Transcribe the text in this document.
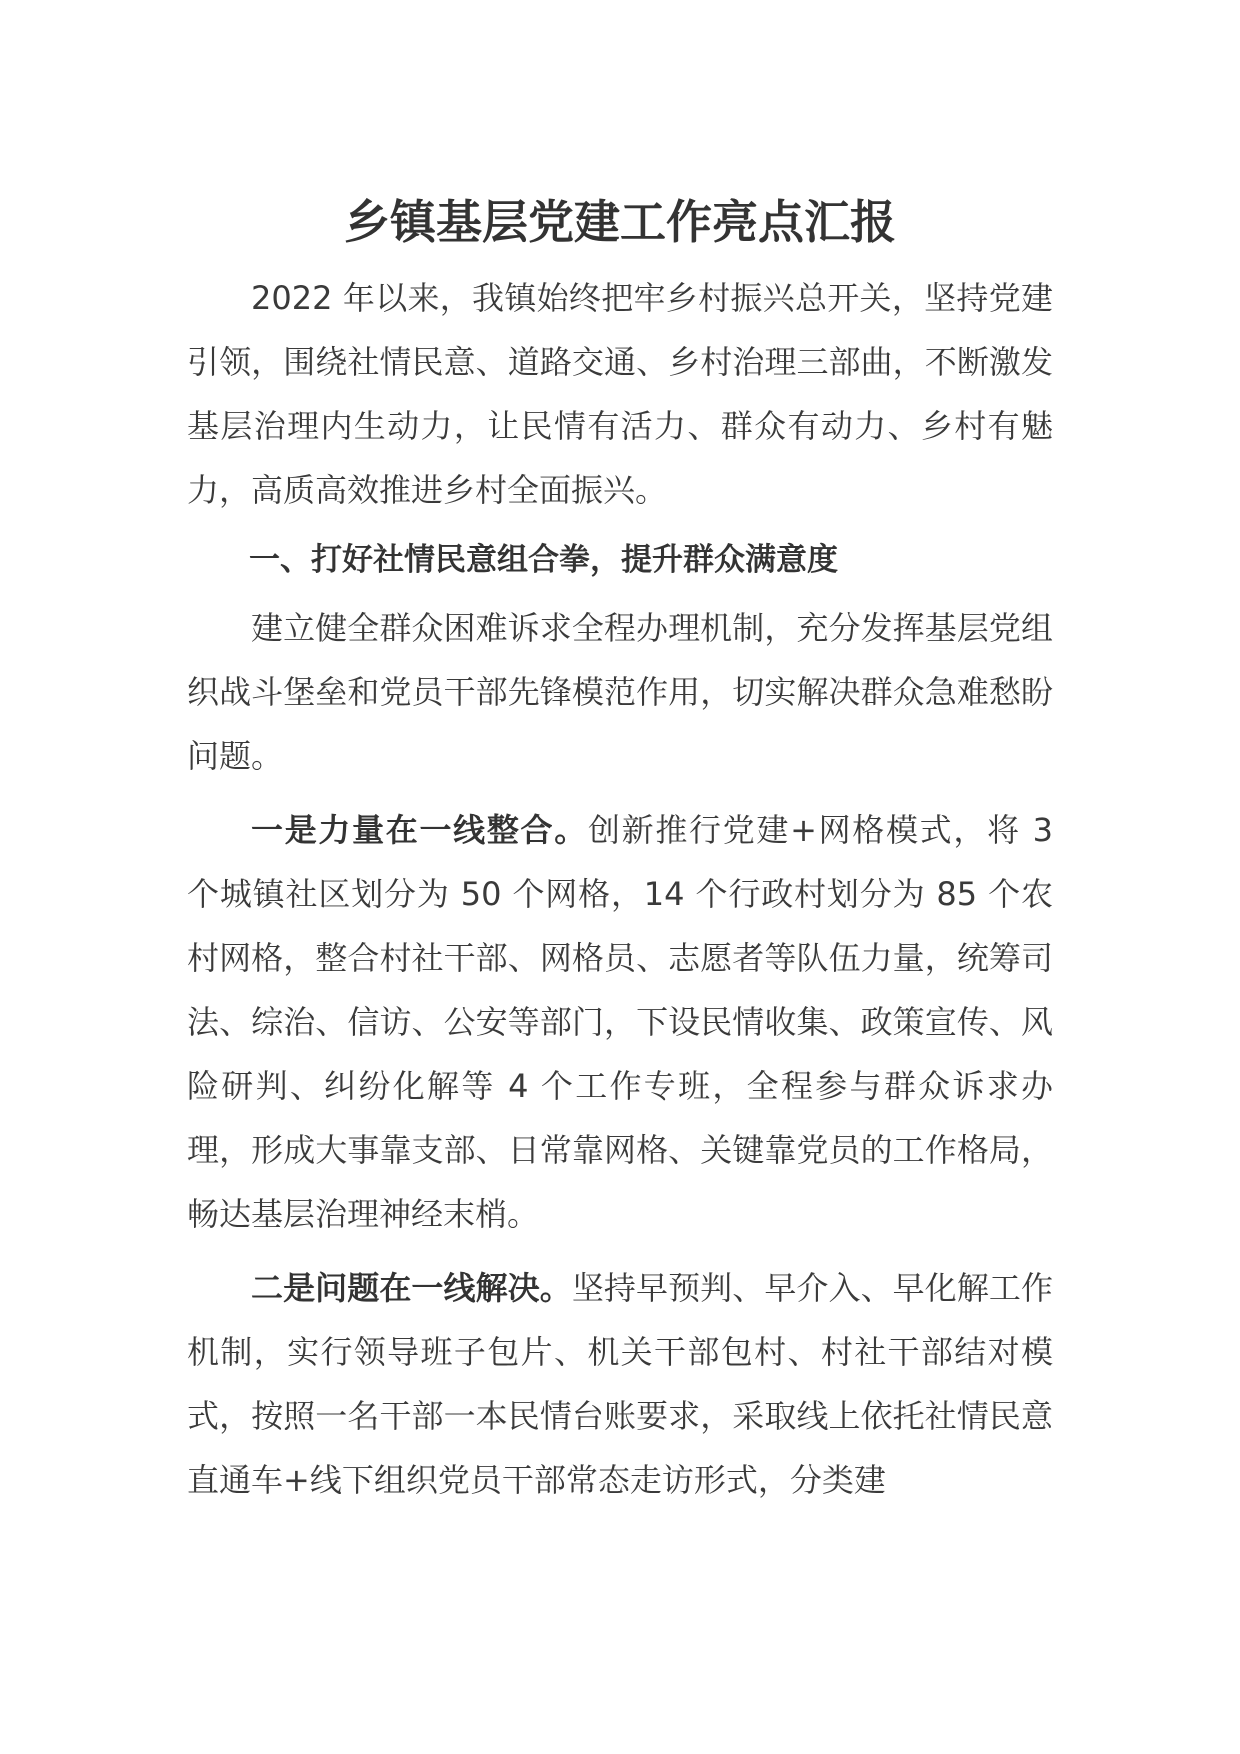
乡镇基层党建工作亮点汇报

2022 年以来，我镇始终把牢乡村振兴总开关，坚持党建引领，围绕社情民意、道路交通、乡村治理三部曲，不断激发基层治理内生动力，让民情有活力、群众有动力、乡村有魅力，高质高效推进乡村全面振兴。

一、打好社情民意组合拳，提升群众满意度

建立健全群众困难诉求全程办理机制，充分发挥基层党组织战斗堡垒和党员干部先锋模范作用，切实解决群众急难愁盼问题。

一是力量在一线整合。创新推行党建+网格模式，将 3 个城镇社区划分为 50 个网格，14 个行政村划分为 85 个农村网格，整合村社干部、网格员、志愿者等队伍力量，统筹司法、综治、信访、公安等部门，下设民情收集、政策宣传、风险研判、纠纷化解等 4 个工作专班，全程参与群众诉求办理，形成大事靠支部、日常靠网格、关键靠党员的工作格局，畅达基层治理神经末梢。

二是问题在一线解决。坚持早预判、早介入、早化解工作机制，实行领导班子包片、机关干部包村、村社干部结对模式，按照一名干部一本民情台账要求，采取线上依托社情民意直通车+线下组织党员干部常态走访形式，分类建
